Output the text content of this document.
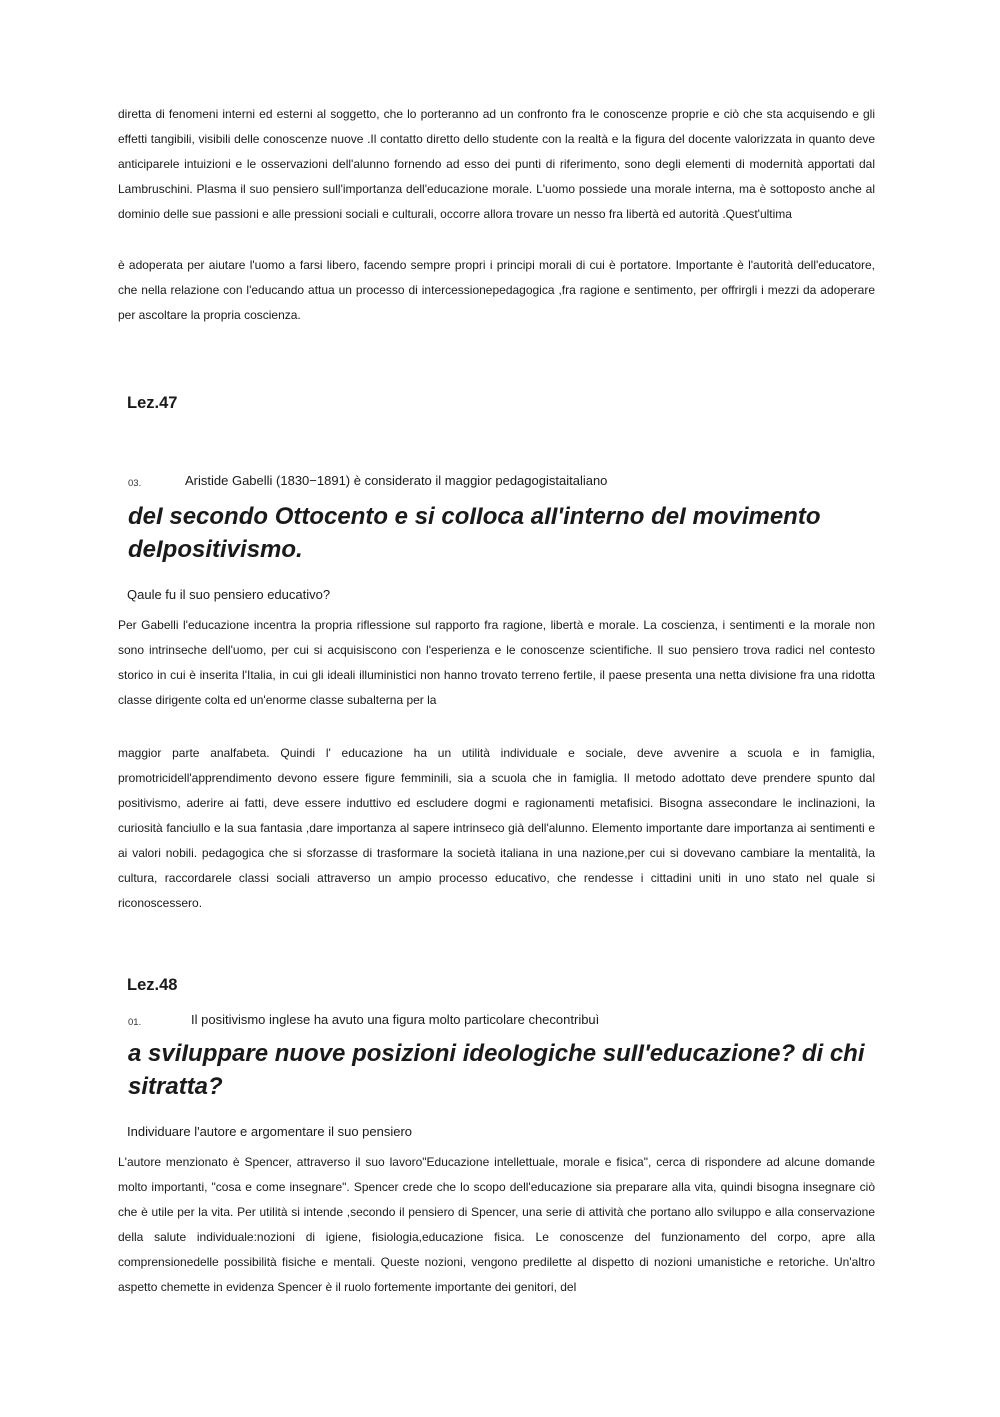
diretta di fenomeni interni ed esterni al soggetto, che lo porteranno ad un confronto fra le conoscenze proprie e ciò che sta acquisendo e gli effetti tangibili, visibili delle conoscenze nuove .Il contatto diretto dello studente con la realtà e la figura del docente valorizzata in quanto deve anticiparele intuizioni e le osservazioni dell'alunno fornendo ad esso dei punti di riferimento, sono degli elementi di modernità apportati dal Lambruschini. Plasma il suo pensiero sull'importanza dell'educazione morale. L'uomo possiede una morale interna, ma è sottoposto anche al dominio delle sue passioni e alle pressioni sociali e culturali, occorre allora trovare un nesso fra libertà ed autorità .Quest'ultima

è adoperata per aiutare l'uomo a farsi libero, facendo sempre propri i principi morali di cui è portatore. Importante è l'autorità dell'educatore, che nella relazione con l'educando attua un processo di intercessionepedagogica ,fra ragione e sentimento, per offrirgli i mezzi da adoperare per ascoltare la propria coscienza.

Lez.47
03.	Aristide Gabelli (1830−1891) è considerato il maggior pedagogistaitaliano

deI secondo Ottocento e si coIIoca aII'interno deI movimento deIpositivismo.

Qaule fu il suo pensiero educativo?

Per Gabelli l'educazione incentra la propria riflessione sul rapporto fra ragione, libertà e morale. La coscienza, i sentimenti e la morale non sono intrinseche dell'uomo, per cui si acquisiscono con l'esperienza e le conoscenze scientifiche. Il suo pensiero trova radici nel contesto storico in cui è inserita l'Italia, in cui gli ideali illuministici non hanno trovato terreno fertile, il paese presenta una netta divisione fra una ridotta classe dirigente colta ed un'enorme classe subalterna per la

maggior parte analfabeta. Quindi l' educazione ha un utilità individuale e sociale, deve avvenire a scuola e in famiglia, promotricidell'apprendimento devono essere figure femminili, sia a scuola che in famiglia. Il metodo adottato deve prendere spunto dal positivismo, aderire ai fatti, deve essere induttivo ed escludere dogmi e ragionamenti metafisici. Bisogna assecondare le inclinazioni, la curiosità fanciullo e la sua fantasia ,dare importanza al sapere intrinseco già dell'alunno. Elemento importante dare importanza ai sentimenti e ai valori nobili. pedagogica che si sforzasse di trasformare la società italiana in una nazione,per cui si dovevano cambiare la mentalità, la cultura, raccordarele classi sociali attraverso un ampio processo educativo, che rendesse i cittadini uniti in uno stato nel quale si riconoscessero.

Lez.48
01.	Il positivismo inglese ha avuto una figura molto particolare checontribuì

a sviIuppare nuove posizioni ideoIogiche suII'educazione? di chi sitratta?

Individuare l'autore e argomentare il suo pensiero

L'autore menzionato è Spencer, attraverso il suo lavoro"Educazione intellettuale, morale e fisica", cerca di rispondere ad alcune domande molto importanti, "cosa e come insegnare". Spencer crede che lo scopo dell'educazione sia preparare alla vita, quindi bisogna insegnare ciò che è utile per la vita. Per utilità si intende ,secondo il pensiero di Spencer, una serie di attività che portano allo sviluppo e alla conservazione della salute individuale:nozioni di igiene, fisiologia,educazione fisica. Le conoscenze del funzionamento del corpo, apre alla comprensionedelle possibilità fisiche e mentali. Queste nozioni, vengono predilette al dispetto di nozioni umanistiche e retoriche. Un'altro aspetto chemette in evidenza Spencer è il ruolo fortemente importante dei genitori, del
